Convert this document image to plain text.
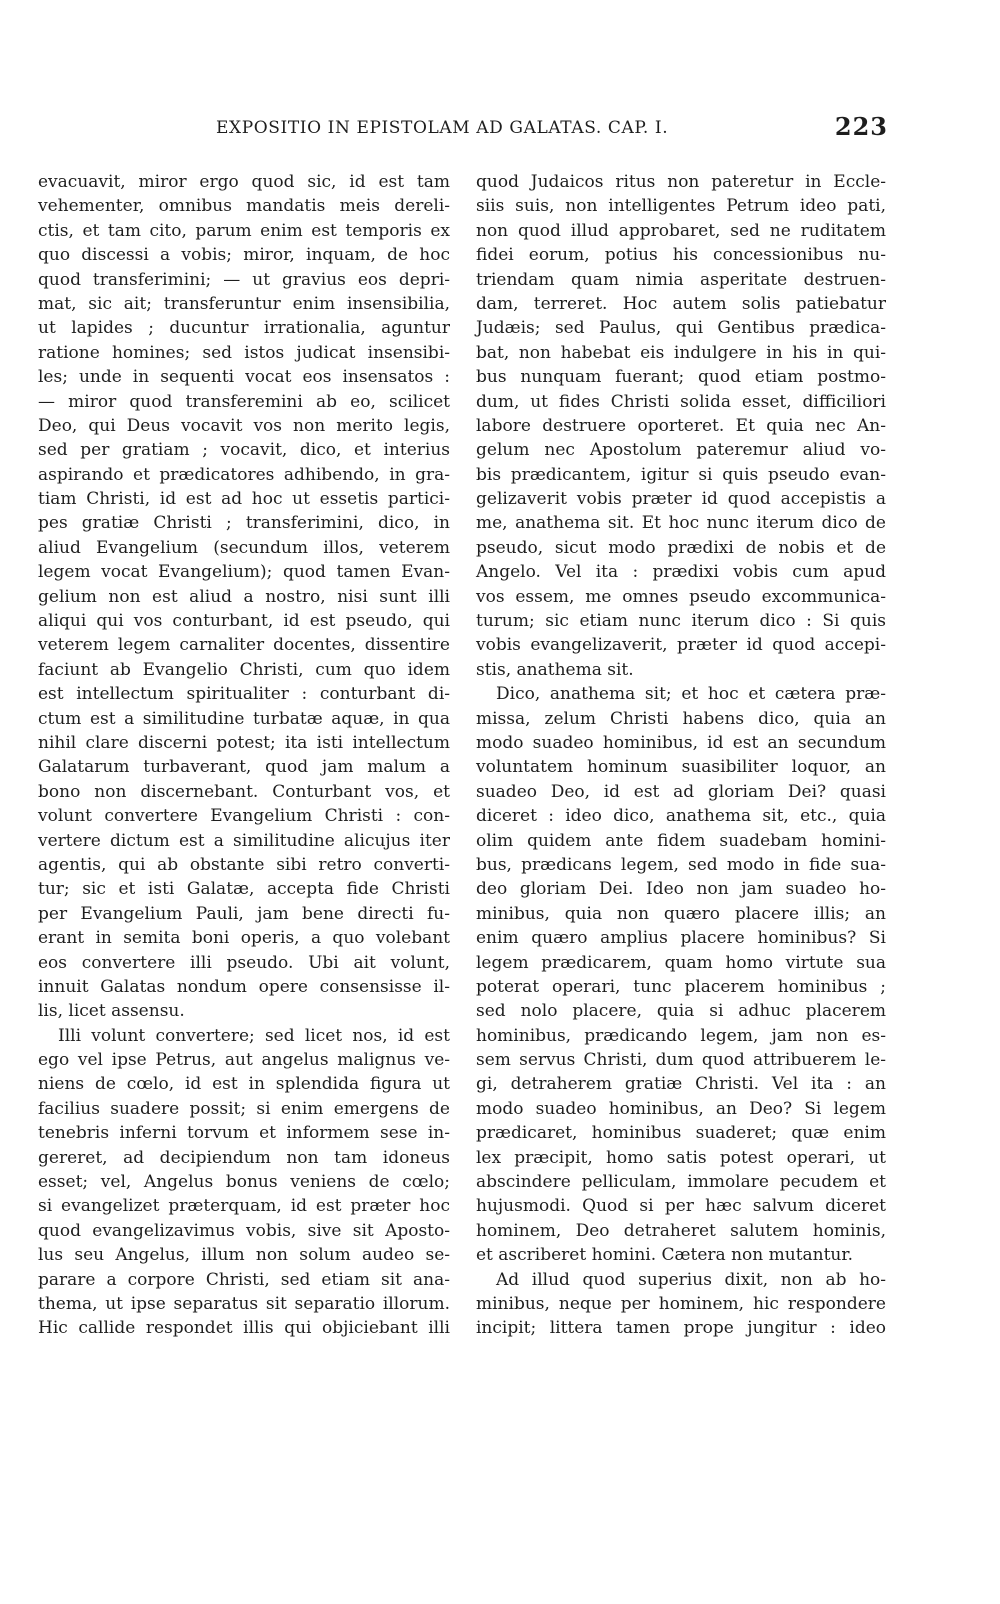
EXPOSITIO IN EPISTOLAM AD GALATAS. CAP. I.	223
evacuavit, miror ergo quod sic, id est tam
vehementer, omnibus mandatis meis dereli-
ctis, et tam cito, parum enim est temporis ex
quo discessi a vobis; miror, inquam, de hoc
quod transferimini; — ut gravius eos depri-
mat, sic ait; transferuntur enim insensibilia,
ut lapides ; ducuntur irrationalia, aguntur
ratione homines; sed istos judicat insensibi-
les; unde in sequenti vocat eos insensatos :
— miror quod transferemini ab eo, scilicet
Deo, qui Deus vocavit vos non merito legis,
sed per gratiam ; vocavit, dico, et interius
aspirando et prædicatores adhibendo, in gra-
tiam Christi, id est ad hoc ut essetis partici-
pes gratiæ Christi ; transferimini, dico, in
aliud Evangelium (secundum illos, veterem
legem vocat Evangelium); quod tamen Evan-
gelium non est aliud a nostro, nisi sunt illi
aliqui qui vos conturbant, id est pseudo, qui
veterem legem carnaliter docentes, dissentire
faciunt ab Evangelio Christi, cum quo idem
est intellectum spiritualiter : conturbant di-
ctum est a similitudine turbatæ aquæ, in qua
nihil clare discerni potest; ita isti intellectum
Galatarum turbaverant, quod jam malum a
bono non discernebant. Conturbant vos, et
volunt convertere Evangelium Christi : con-
vertere dictum est a similitudine alicujus iter
agentis, qui ab obstante sibi retro converti-
tur; sic et isti Galatæ, accepta fide Christi
per Evangelium Pauli, jam bene directi fu-
erant in semita boni operis, a quo volebant
eos convertere illi pseudo. Ubi ait volunt,
innuit Galatas nondum opere consensisse il-
lis, licet assensu.
Illi volunt convertere; sed licet nos, id est
ego vel ipse Petrus, aut angelus malignus ve-
niens de cœlo, id est in splendida figura ut
facilius suadere possit; si enim emergens de
tenebris inferni torvum et informem sese in-
gereret, ad decipiendum non tam idoneus
esset; vel, Angelus bonus veniens de cœlo;
si evangelizet præterquam, id est præter hoc
quod evangelizavimus vobis, sive sit Aposto-
lus seu Angelus, illum non solum audeo se-
parare a corpore Christi, sed etiam sit ana-
thema, ut ipse separatus sit separatio illorum.
Hic callide respondet illis qui objiciebant illi
quod Judaicos ritus non pateretur in Eccle-
siis suis, non intelligentes Petrum ideo pati,
non quod illud approbaret, sed ne ruditatem
fidei eorum, potius his concessionibus nu-
triendam quam nimia asperitate destruen-
dam, terreret. Hoc autem solis patiebatur
Judæis; sed Paulus, qui Gentibus prædica-
bat, non habebat eis indulgere in his in qui-
bus nunquam fuerant; quod etiam postmo-
dum, ut fides Christi solida esset, difficiliori
labore destruere oporteret. Et quia nec An-
gelum nec Apostolum pateremur aliud vo-
bis prædicantem, igitur si quis pseudo evan-
gelizaverit vobis præter id quod accepistis a
me, anathema sit. Et hoc nunc iterum dico de
pseudo, sicut modo prædixi de nobis et de
Angelo. Vel ita : prædixi vobis cum apud
vos essem, me omnes pseudo excommunica-
turum; sic etiam nunc iterum dico : Si quis
vobis evangelizaverit, præter id quod accepi-
stis, anathema sit.
Dico, anathema sit; et hoc et cætera præ-
missa, zelum Christi habens dico, quia an
modo suadeo hominibus, id est an secundum
voluntatem hominum suasibiliter loquor, an
suadeo Deo, id est ad gloriam Dei? quasi
diceret : ideo dico, anathema sit, etc., quia
olim quidem ante fidem suadebam homini-
bus, prædicans legem, sed modo in fide sua-
deo gloriam Dei. Ideo non jam suadeo ho-
minibus, quia non quæro placere illis; an
enim quæro amplius placere hominibus? Si
legem prædicarem, quam homo virtute sua
poterat operari, tunc placerem hominibus ;
sed nolo placere, quia si adhuc placerem
hominibus, prædicando legem, jam non es-
sem servus Christi, dum quod attribuerem le-
gi, detraherem gratiæ Christi. Vel ita : an
modo suadeo hominibus, an Deo? Si legem
prædicaret, hominibus suaderet; quæ enim
lex præcipit, homo satis potest operari, ut
abscindere pelliculam, immolare pecudem et
hujusmodi. Quod si per hæc salvum diceret
hominem, Deo detraheret salutem hominis,
et ascriberet homini. Cætera non mutantur.
Ad illud quod superius dixit, non ab ho-
minibus, neque per hominem, hic respondere
incipit; littera tamen prope jungitur : ideo
